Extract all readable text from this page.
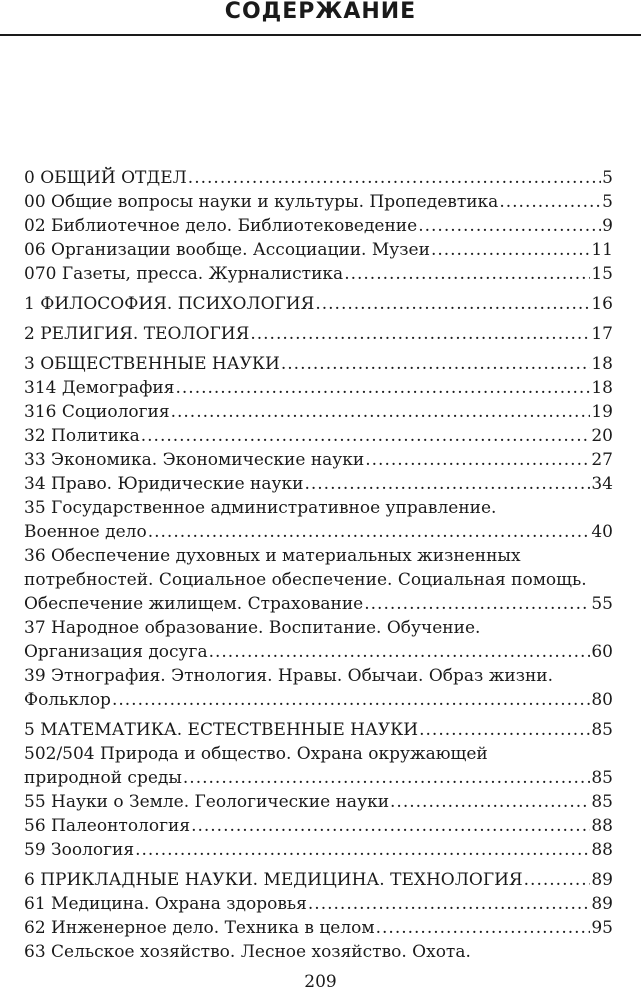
СОДЕРЖАНИЕ
0 ОБЩИЙ ОТДЕЛ .....	5
00 Общие вопросы науки и культуры. Пропедевтика .....	5
02 Библиотечное дело. Библиотековедение .....	9
06 Организации вообще. Ассоциации. Музеи .....	11
070 Газеты, пресса. Журналистика .....	15
1 ФИЛОСОФИЯ. ПСИХОЛОГИЯ .....	16
2 РЕЛИГИЯ. ТЕОЛОГИЯ .....	17
3 ОБЩЕСТВЕННЫЕ НАУКИ .....	18
314 Демография .....	18
316 Социология .....	19
32 Политика .....	20
33 Экономика. Экономические науки .....	27
34 Право. Юридические науки .....	34
35 Государственное административное управление.
Военное дело .....	40
36 Обеспечение духовных и материальных жизненных
потребностей. Социальное обеспечение. Социальная помощь.
Обеспечение жилищем. Страхование .....	55
37 Народное образование. Воспитание. Обучение.
Организация досуга .....	60
39 Этнография. Этнология. Нравы. Обычаи. Образ жизни.
Фольклор .....	80
5 МАТЕМАТИКА. ЕСТЕСТВЕННЫЕ НАУКИ .....	85
502/504 Природа и общество. Охрана окружающей
природной среды .....	85
55 Науки о Земле. Геологические науки .....	85
56 Палеонтология .....	88
59 Зоология .....	88
6 ПРИКЛАДНЫЕ НАУКИ. МЕДИЦИНА. ТЕХНОЛОГИЯ .....	89
61 Медицина. Охрана здоровья .....	89
62 Инженерное дело. Техника в целом .....	95
63 Сельское хозяйство. Лесное хозяйство. Охота.
209
